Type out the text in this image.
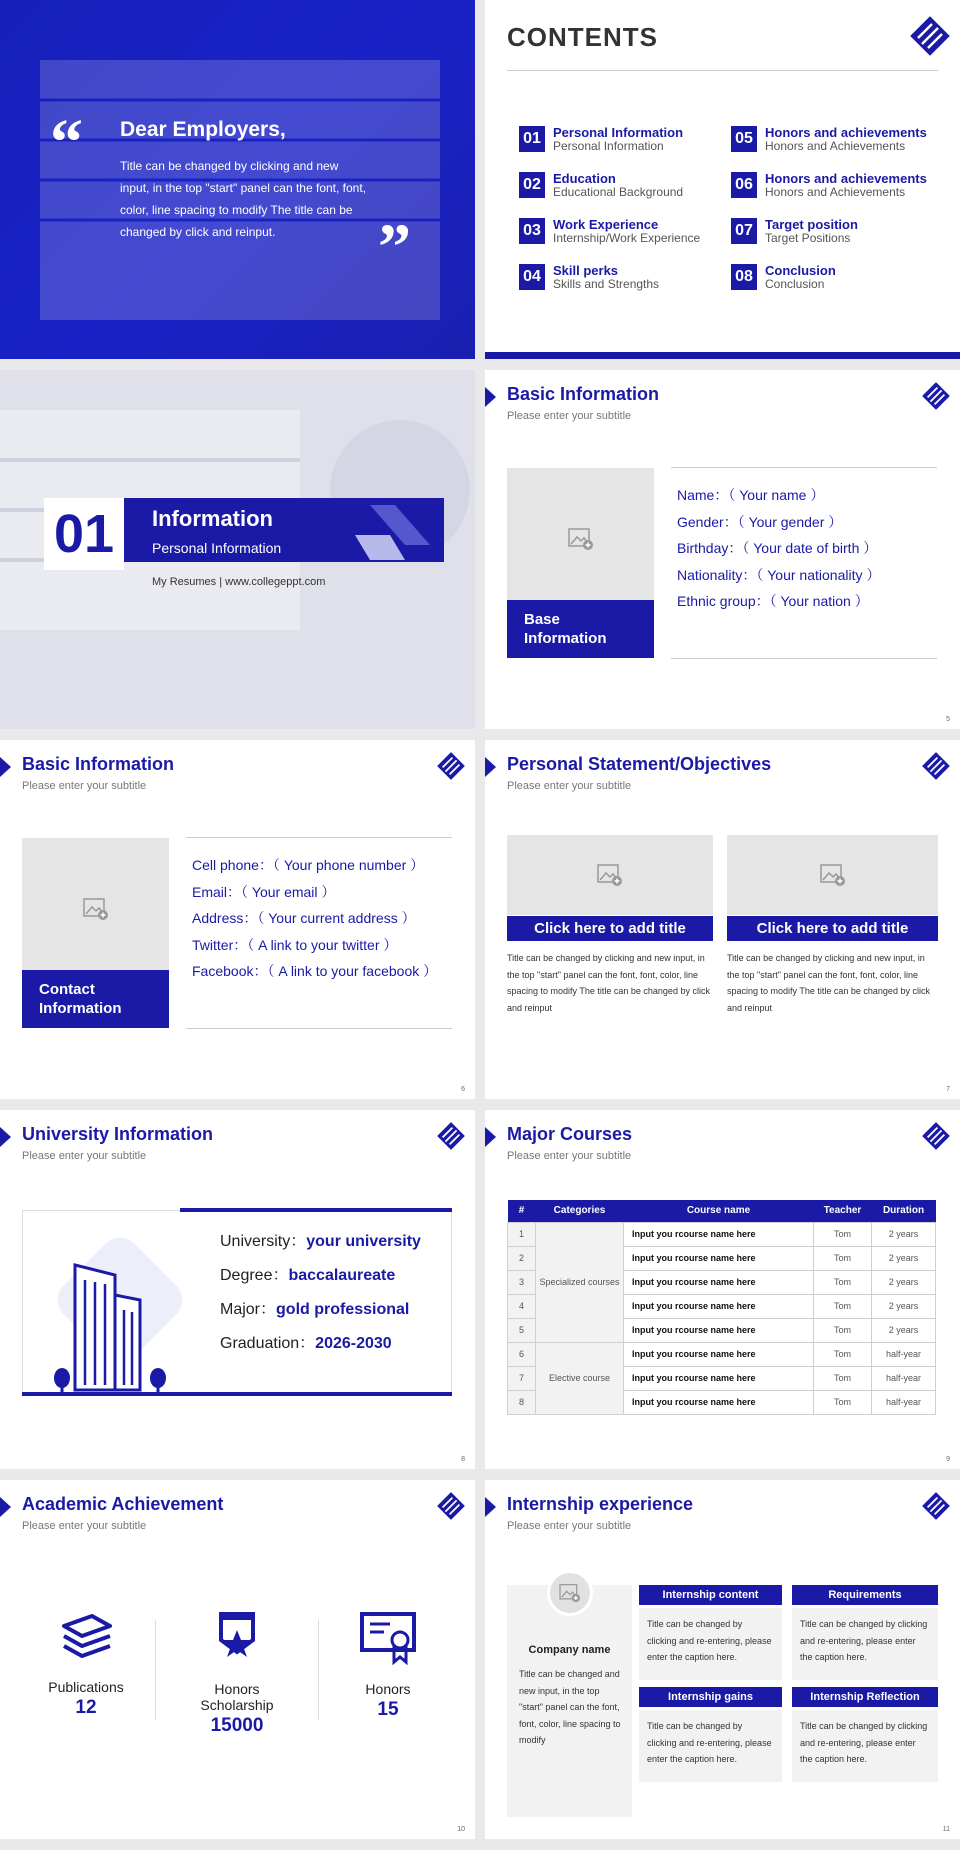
“ Dear Employers,

Title can be changed by clicking and new input, in the top "start" panel can the font, font, color, line spacing to modify The title can be changed by click and reinput.	”
CONTENTS
01 Personal Information
Personal Information
02 Education
Educational Background
03 Work Experience
Internship/Work Experience
04 Skill perks
Skills and Strengths
05 Honors and achievements
Honors and Achievements
06 Honors and achievements
Honors and Achievements
07 Target position
Target Positions
08 Conclusion
Conclusion
01	Information
Personal Information
My Resumes | www.collegeppt.com
Basic Information
Please enter your subtitle
Base
Information
Name：（ Your name ）
Gender：（ Your gender ）
Birthday：（ Your date of birth ）
Nationality：（ Your nationality ）
Ethnic group：（ Your nation ）
5
Basic Information
Please enter your subtitle
Contact
Information
Cell phone：（ Your phone number ）
Email：（ Your email ）
Address：（ Your current address ）
Twitter：（ A link to your twitter ）
Facebook：（ A link to your facebook ）
6
Personal Statement/Objectives
Please enter your subtitle
Click here to add title
Title can be changed by clicking and new input, in the top "start" panel can the font, font, color, line spacing to modify The title can be changed by click and reinput
Click here to add title
Title can be changed by clicking and new input, in the top "start" panel can the font, font, color, line spacing to modify The title can be changed by click and reinput
7
University Information
Please enter your subtitle
University：your university
Degree：baccalaureate
Major：gold professional
Graduation：2026-2030
8
Major Courses
Please enter your subtitle
#	Categories	Course name	Teacher	Duration
1	Specialized courses	Input you rcourse name here	Tom	2 years
2		Input you rcourse name here	Tom	2 years
3		Input you rcourse name here	Tom	2 years
4		Input you rcourse name here	Tom	2 years
5		Input you rcourse name here	Tom	2 years
6	Elective course	Input you rcourse name here	Tom	half-year
7		Input you rcourse name here	Tom	half-year
8		Input you rcourse name here	Tom	half-year
9
Academic Achievement
Please enter your subtitle
Publications
12
Honors Scholarship
15000
Honors
15
10
Internship experience
Please enter your subtitle
Company name
Title can be changed and new input, in the top "start" panel can the font, font, color, line spacing to modify
Internship content
Title can be changed by clicking and re-entering, please enter the caption here.
Requirements
Title can be changed by clicking and re-entering, please enter the caption here.
Internship gains
Title can be changed by clicking and re-entering, please enter the caption here.
Internship Reflection
Title can be changed by clicking and re-entering, please enter the caption here.
11
